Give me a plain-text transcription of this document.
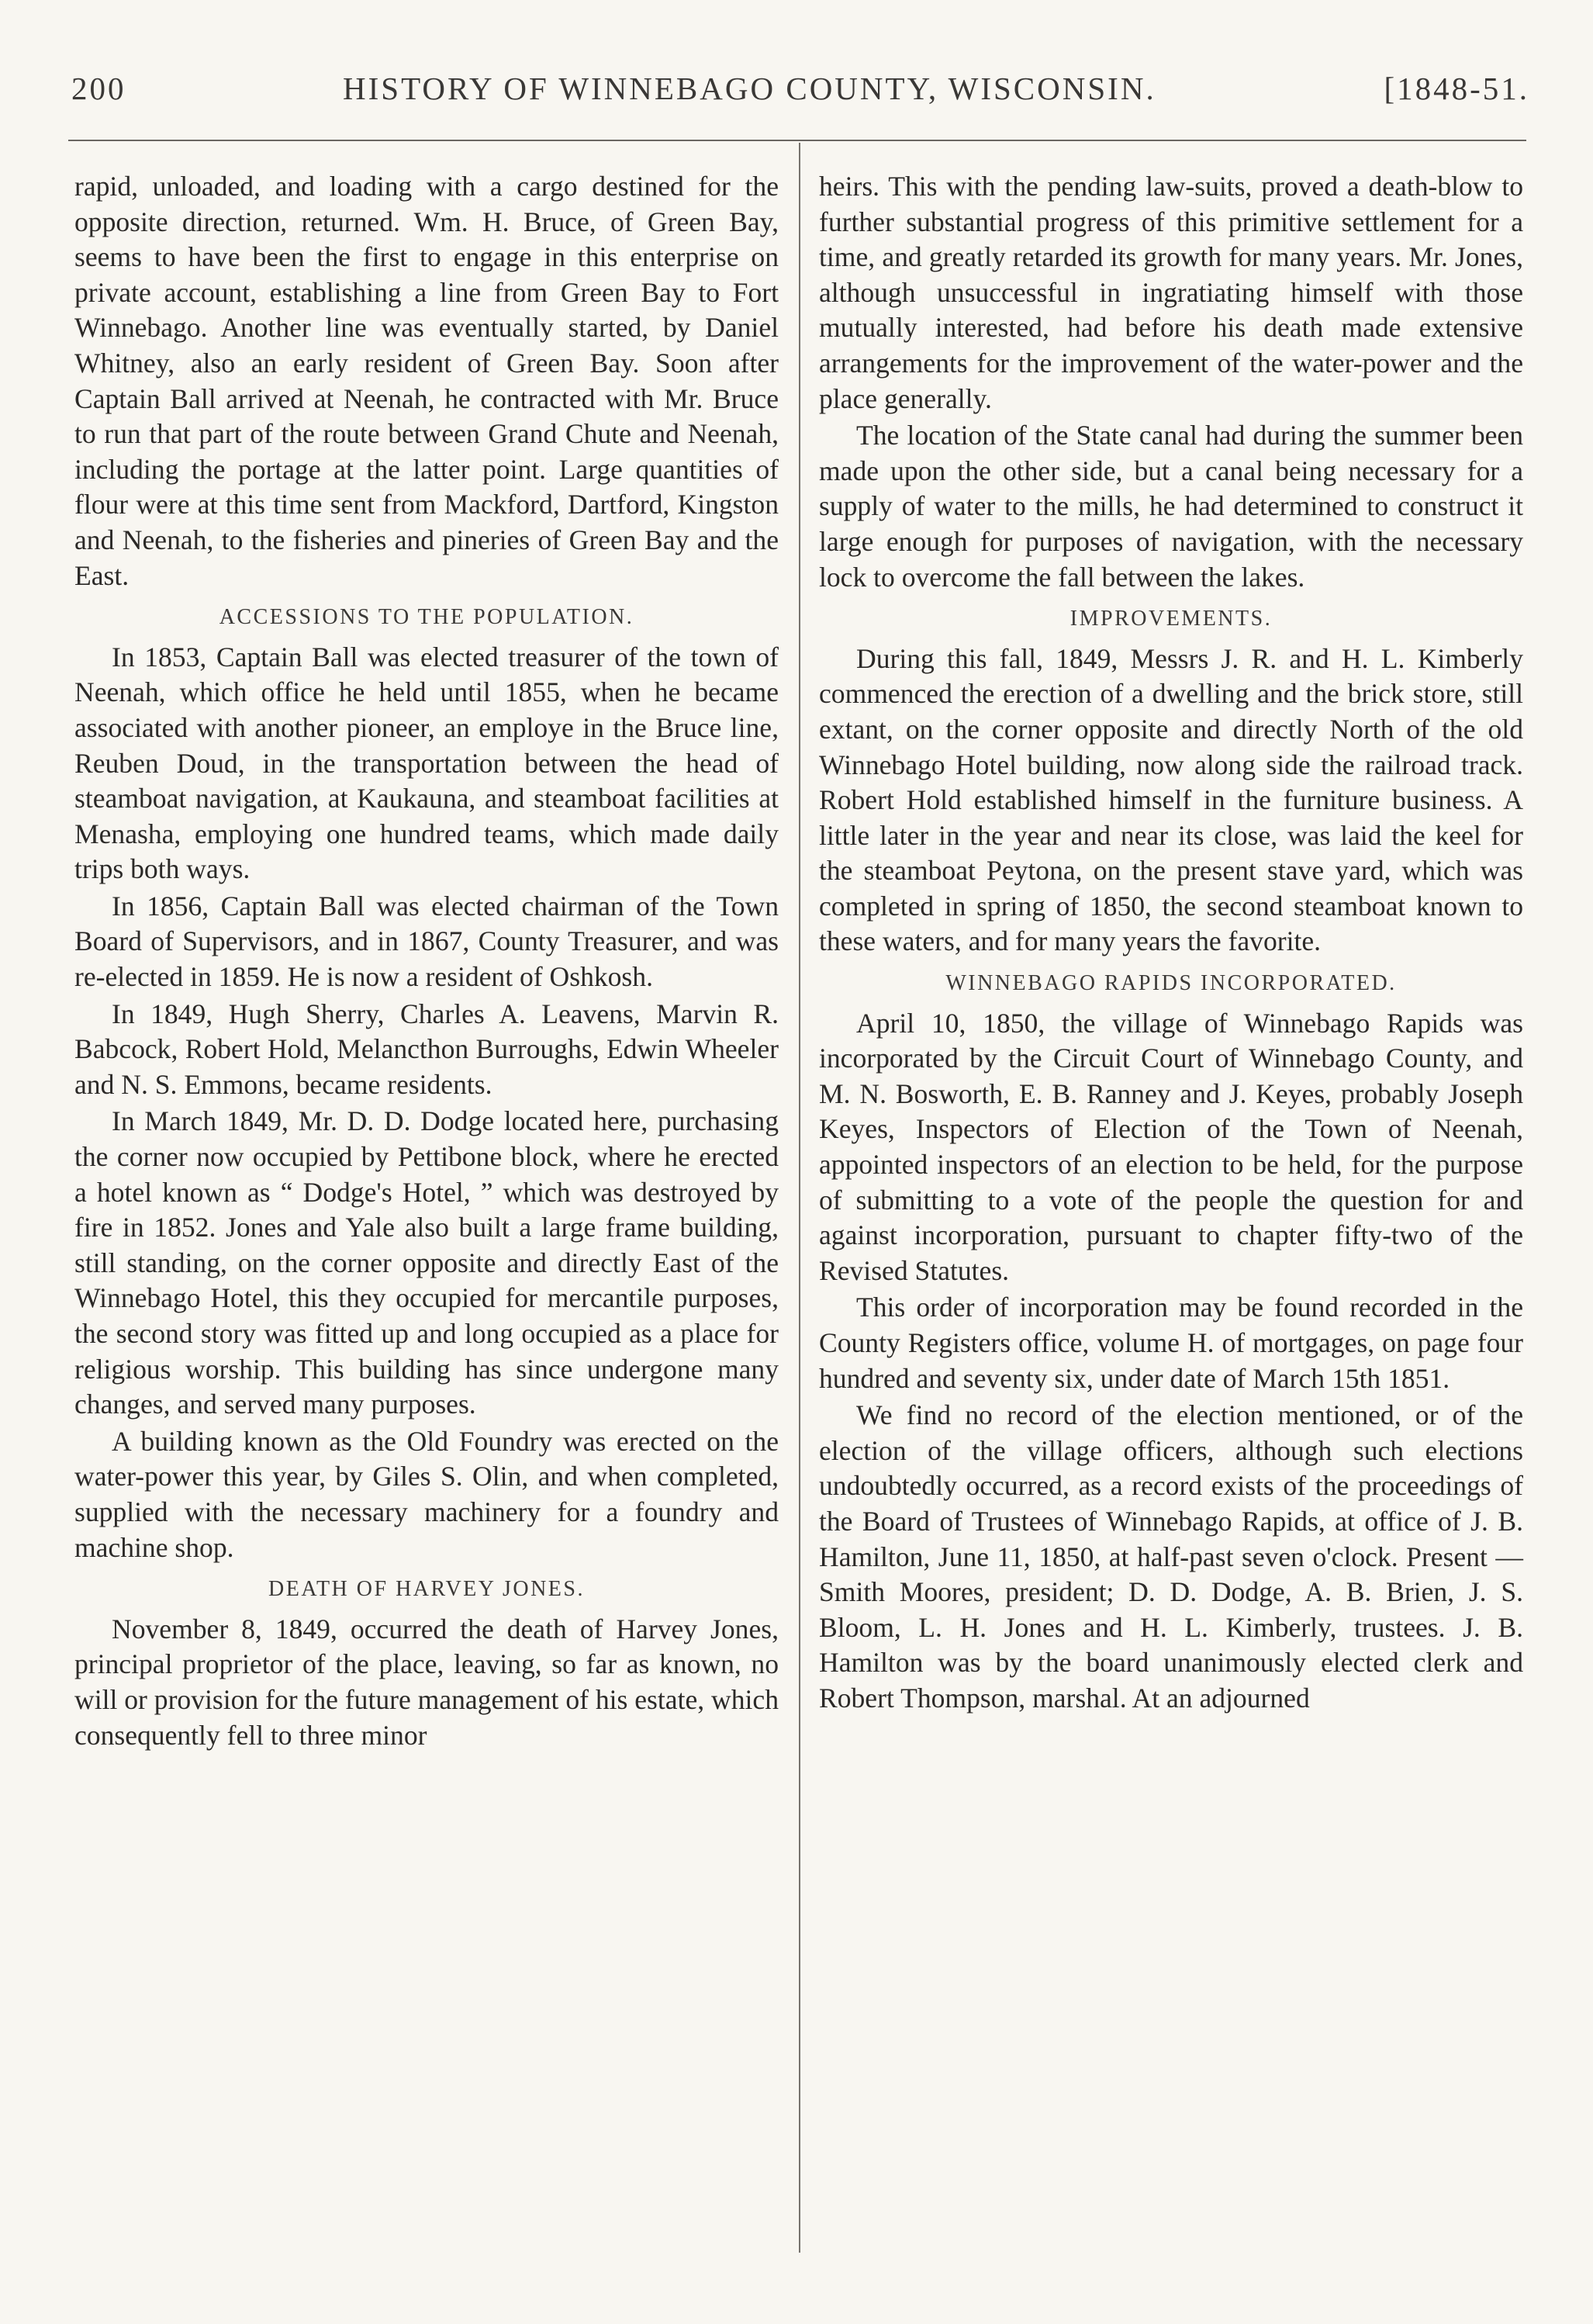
200	HISTORY OF WINNEBAGO COUNTY, WISCONSIN.	[1848-51.

rapid, unloaded, and loading with a cargo destined for the opposite direction, returned. Wm. H. Bruce, of Green Bay, seems to have been the first to engage in this enterprise on private account, establishing a line from Green Bay to Fort Winnebago. Another line was eventually started, by Daniel Whitney, also an early resident of Green Bay. Soon after Captain Ball arrived at Neenah, he contracted with Mr. Bruce to run that part of the route between Grand Chute and Neenah, including the portage at the latter point. Large quantities of flour were at this time sent from Mackford, Dartford, Kingston and Neenah, to the fisheries and pineries of Green Bay and the East.

ACCESSIONS TO THE POPULATION.

In 1853, Captain Ball was elected treasurer of the town of Neenah, which office he held until 1855, when he became associated with another pioneer, an employe in the Bruce line, Reuben Doud, in the transportation between the head of steamboat navigation, at Kaukauna, and steamboat facilities at Menasha, employing one hundred teams, which made daily trips both ways.

In 1856, Captain Ball was elected chairman of the Town Board of Supervisors, and in 1867, County Treasurer, and was re-elected in 1859. He is now a resident of Oshkosh.

In 1849, Hugh Sherry, Charles A. Leavens, Marvin R. Babcock, Robert Hold, Melancthon Burroughs, Edwin Wheeler and N. S. Emmons, became residents.

In March 1849, Mr. D. D. Dodge located here, purchasing the corner now occupied by Pettibone block, where he erected a hotel known as “ Dodge's Hotel, ” which was destroyed by fire in 1852. Jones and Yale also built a large frame building, still standing, on the corner opposite and directly East of the Winnebago Hotel, this they occupied for mercantile purposes, the second story was fitted up and long occupied as a place for religious worship. This building has since undergone many changes, and served many purposes.

A building known as the Old Foundry was erected on the water-power this year, by Giles S. Olin, and when completed, supplied with the necessary machinery for a foundry and machine shop.

DEATH OF HARVEY JONES.

November 8, 1849, occurred the death of Harvey Jones, principal proprietor of the place, leaving, so far as known, no will or provision for the future management of his estate, which consequently fell to three minor

heirs. This with the pending law-suits, proved a death-blow to further substantial progress of this primitive settlement for a time, and greatly retarded its growth for many years. Mr. Jones, although unsuccessful in ingratiating himself with those mutually interested, had before his death made extensive arrangements for the improvement of the water-power and the place generally.

The location of the State canal had during the summer been made upon the other side, but a canal being necessary for a supply of water to the mills, he had determined to construct it large enough for purposes of navigation, with the necessary lock to overcome the fall between the lakes.

IMPROVEMENTS.

During this fall, 1849, Messrs J. R. and H. L. Kimberly commenced the erection of a dwelling and the brick store, still extant, on the corner opposite and directly North of the old Winnebago Hotel building, now along side the railroad track. Robert Hold established himself in the furniture business. A little later in the year and near its close, was laid the keel for the steamboat Peytona, on the present stave yard, which was completed in spring of 1850, the second steamboat known to these waters, and for many years the favorite.

WINNEBAGO RAPIDS INCORPORATED.

April 10, 1850, the village of Winnebago Rapids was incorporated by the Circuit Court of Winnebago County, and M. N. Bosworth, E. B. Ranney and J. Keyes, probably Joseph Keyes, Inspectors of Election of the Town of Neenah, appointed inspectors of an election to be held, for the purpose of submitting to a vote of the people the question for and against incorporation, pursuant to chapter fifty-two of the Revised Statutes.

This order of incorporation may be found recorded in the County Registers office, volume H. of mortgages, on page four hundred and seventy six, under date of March 15th 1851.

We find no record of the election mentioned, or of the election of the village officers, although such elections undoubtedly occurred, as a record exists of the proceedings of the Board of Trustees of Winnebago Rapids, at office of J. B. Hamilton, June 11, 1850, at half-past seven o'clock. Present — Smith Moores, president; D. D. Dodge, A. B. Brien, J. S. Bloom, L. H. Jones and H. L. Kimberly, trustees. J. B. Hamilton was by the board unanimously elected clerk and Robert Thompson, marshal. At an adjourned
